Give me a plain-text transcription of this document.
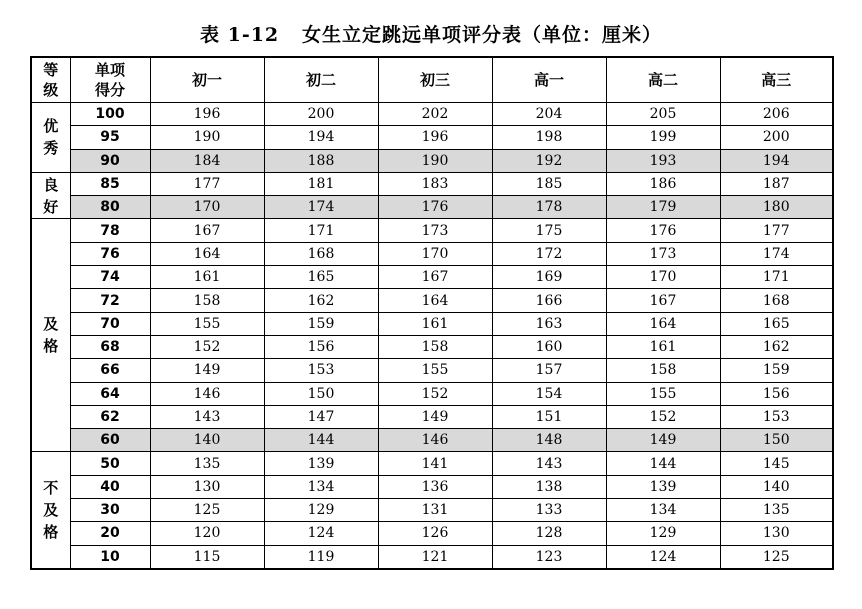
表 1-12   女生立定跳远单项评分表（单位：厘米）
等级	单项得分	初一	初二	初三	高一	高二	高三
优秀	100	196	200	202	204	205	206
	95	190	194	196	198	199	200
	90	184	188	190	192	193	194
良好	85	177	181	183	185	186	187
	80	170	174	176	178	179	180
及格	78	167	171	173	175	176	177
	76	164	168	170	172	173	174
	74	161	165	167	169	170	171
	72	158	162	164	166	167	168
	70	155	159	161	163	164	165
	68	152	156	158	160	161	162
	66	149	153	155	157	158	159
	64	146	150	152	154	155	156
	62	143	147	149	151	152	153
	60	140	144	146	148	149	150
不及格	50	135	139	141	143	144	145
	40	130	134	136	138	139	140
	30	125	129	131	133	134	135
	20	120	124	126	128	129	130
	10	115	119	121	123	124	125
